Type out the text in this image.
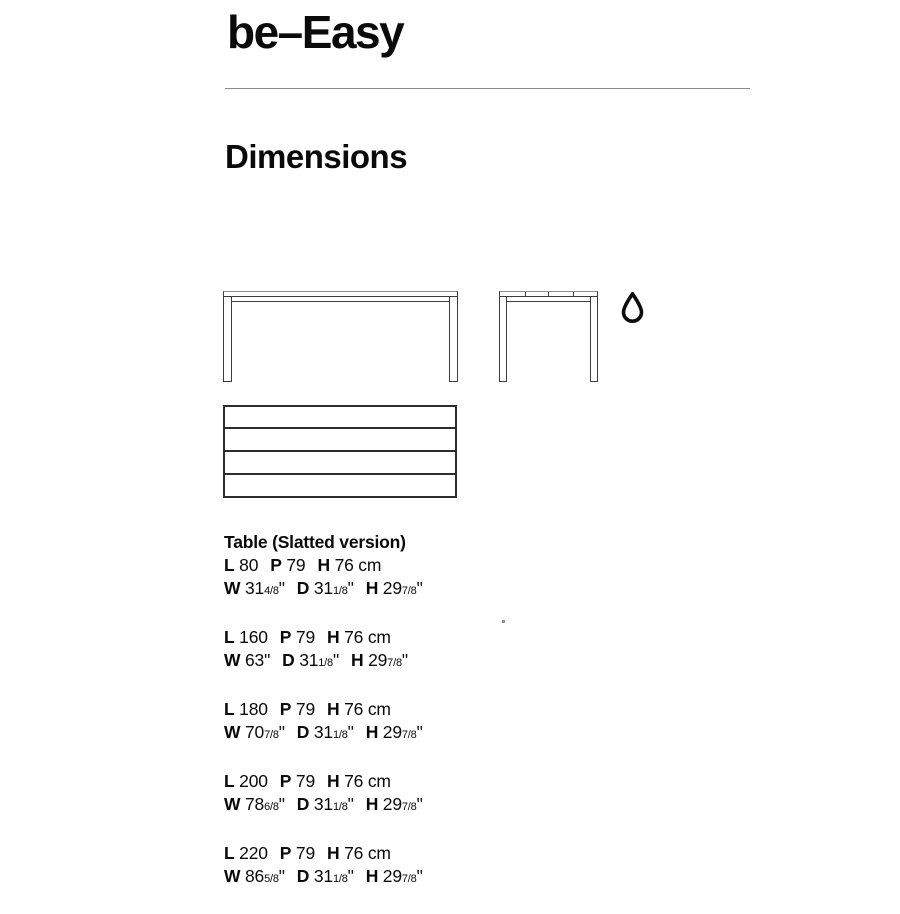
be–Easy
Dimensions
Table (Slatted version)
L 80 P 79 H 76 cm
W 314/8" D 311/8" H 297/8"
L 160 P 79 H 76 cm
W 63" D 311/8" H 297/8"
L 180 P 79 H 76 cm
W 707/8" D 311/8" H 297/8"
L 200 P 79 H 76 cm
W 786/8" D 311/8" H 297/8"
L 220 P 79 H 76 cm
W 865/8" D 311/8" H 297/8"
